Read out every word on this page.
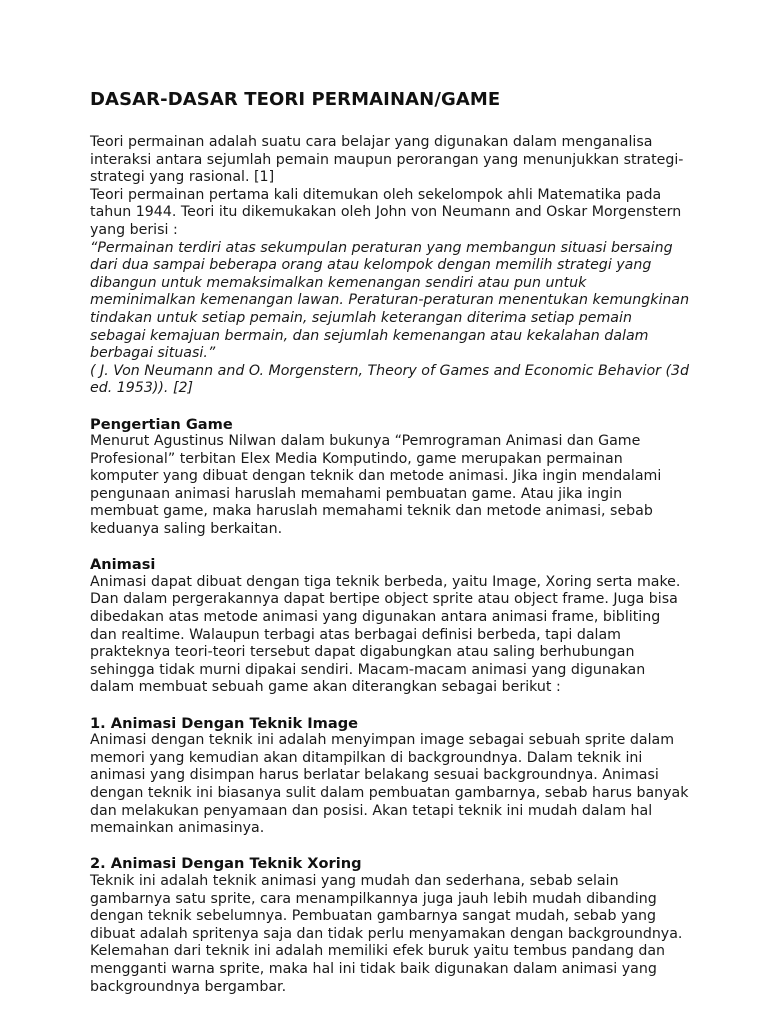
DASAR-DASAR TEORI PERMAINAN/GAME

Teori permainan adalah suatu cara belajar yang digunakan dalam menganalisa interaksi antara sejumlah pemain maupun perorangan yang menunjukkan strategi-strategi yang rasional. [1]

Teori permainan pertama kali ditemukan oleh sekelompok ahli Matematika pada tahun 1944. Teori itu dikemukakan oleh John von Neumann and Oskar Morgenstern yang berisi :

“Permainan terdiri atas sekumpulan peraturan yang membangun situasi bersaing dari dua sampai beberapa orang atau kelompok dengan memilih strategi yang dibangun untuk memaksimalkan kemenangan sendiri atau pun untuk meminimalkan kemenangan lawan. Peraturan-peraturan menentukan kemungkinan tindakan untuk setiap pemain, sejumlah keterangan diterima setiap pemain sebagai kemajuan bermain, dan sejumlah kemenangan atau kekalahan dalam berbagai situasi.”

( J. Von Neumann and O. Morgenstern, Theory of Games and Economic Behavior (3d ed. 1953)). [2]

Pengertian Game

Menurut Agustinus Nilwan dalam bukunya “Pemrograman Animasi dan Game Profesional” terbitan Elex Media Komputindo, game merupakan permainan komputer yang dibuat dengan teknik dan metode animasi. Jika ingin mendalami pengunaan animasi haruslah memahami pembuatan game. Atau jika ingin membuat game, maka haruslah memahami teknik dan metode animasi, sebab keduanya saling berkaitan.

Animasi

Animasi dapat dibuat dengan tiga teknik berbeda, yaitu Image, Xoring serta make. Dan dalam pergerakannya dapat bertipe object sprite atau object frame. Juga bisa dibedakan atas metode animasi yang digunakan antara animasi frame, bibliting dan realtime. Walaupun terbagi atas berbagai definisi berbeda, tapi dalam prakteknya teori-teori tersebut dapat digabungkan atau saling berhubungan sehingga tidak murni dipakai sendiri. Macam-macam animasi yang digunakan dalam membuat sebuah game akan diterangkan sebagai berikut :

1. Animasi Dengan Teknik Image

Animasi dengan teknik ini adalah menyimpan image sebagai sebuah sprite dalam memori yang kemudian akan ditampilkan di backgroundnya. Dalam teknik ini animasi yang disimpan harus berlatar belakang sesuai backgroundnya. Animasi dengan teknik ini biasanya sulit dalam pembuatan gambarnya, sebab harus banyak dan melakukan penyamaan dan posisi. Akan tetapi teknik ini mudah dalam hal memainkan animasinya.

2. Animasi Dengan Teknik Xoring

Teknik ini adalah teknik animasi yang mudah dan sederhana, sebab selain gambarnya satu sprite, cara menampilkannya juga jauh lebih mudah dibanding dengan teknik sebelumnya. Pembuatan gambarnya sangat mudah, sebab yang dibuat adalah spritenya saja dan tidak perlu menyamakan dengan backgroundnya.

Kelemahan dari teknik ini adalah memiliki efek buruk yaitu tembus pandang dan mengganti warna sprite, maka hal ini tidak baik digunakan dalam animasi yang backgroundnya bergambar.
